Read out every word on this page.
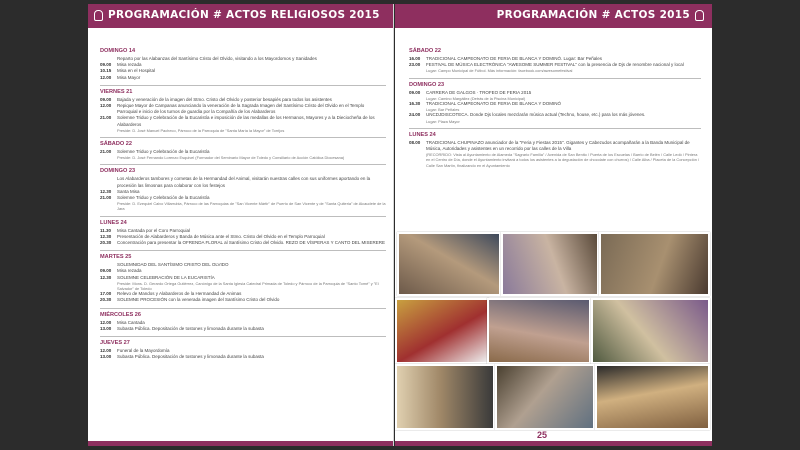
PROGRAMACIÓN # ACTOS RELIGIOSOS 2015
DOMINGO 14
Reparto por las Alabanzas del Santísimo Cristo del Olvido, visitando a los Mayordomos y Sanidades
09.00	Misa rezada
10.15	Misa en el Hospital
12.00	Misa Mayor
VIERNES 21
09.00	Bajada y veneración de la imagen del Stmo. Cristo del Olvido y posterior besapiés para todos los asistentes
12.00	Repique Mayor de Campanas anunciando la veneración de la Sagrada Imagen del Santísimo Cristo del Olvido en el Templo Parroquial e inicio de los turnos de guardia por la Compañía de los Alabarderos
21.00	Solemne Triduo y Celebración de la Eucaristía e imposición de las medallas de los Hermanos, Mayores y a la Dieciocheña de los Alabarderos
Preside: D. José Manuel Pacheco, Párroco de la Parroquia de "Santa María la Mayor" de Torrijos
SÁBADO 22
21.00	Solemne Triduo y Celebración de la Eucaristía
Preside: D. José Fernando Lorenzo Esquivel (Formador del Seminario Mayor de Toledo y Consiliario de Acción Católica Diocesana)
DOMINGO 23
Los Alabarderos tambores y cornetas de la Hermandad del Animal, visitarán nuestras calles con sus uniformes aportando en la procesión las limosnas para colaborar con los festejos
12.30	Santa Misa
21.00	Solemne Triduo y Celebración de la Eucaristía
Preside: D. Ezequiel Calvo Villarrubia, Párroco de las Parroquias de "San Vicente Mártir" de Puerto de San Vicente y de "Santa Quiteria" de Alcaudete de la Jara
LUNES 24
11.30	Misa Cantada por el Coro Parroquial
12.30	Presentación de Alabarderos y Banda de Música ante el Stmo. Cristo del Olvido en el Templo Parroquial
20.30	Concentración para presentar la OFRENDA FLORAL al Santísimo Cristo del Olvido. REZO DE VÍSPERAS Y CANTO DEL MISERERE
MARTES 25
SOLEMNIDAD DEL SANTÍSIMO CRISTO DEL OLVIDO
09.00	Misa rezada
12.30	SOLEMNE CELEBRACIÓN DE LA EUCARISTÍA
Preside: Mons. D. Gerardo Ortega Gutiérrez, Canónigo de la Santa Iglesia Catedral Primada de Toledo y Párroco de la Parroquia de "Santo Tomé" y "El Salvador" de Toledo
17.00	Relevo de Mandos y Alabarderos de la Hermandad de Animas
20.30	SOLEMNE PROCESIÓN con la venerada imagen del Santísimo Cristo del Olvido
MIÉRCOLES 26
12.00	Misa Cantada
13.00	Subasta Pública. Depositación de tostones y limonada durante la subasta
JUEVES 27
12.00	Funeral de la Mayordomía
13.00	Subasta Pública. Depositación de tostones y limonada durante la subasta
PROGRAMACIÓN # ACTOS 2015
SÁBADO 22
16.00	TRADICIONAL CAMPEONATO DE FERIA DE BLANCA Y DOMINÓ. Lugar: Bar Peñales
23.00	FESTIVAL DE MÚSICA ELECTRÓNICA "AWESOME SUMMER FESTIVAL" con la presencia de Djs de renombre nacional y local
Lugar: Campo Municipal de Fútbol. Más información: facebook.com/awesomefestival
DOMINGO 23
09.00	CARRERA DE GALGOS · TROFEO DE FERIA 2015
Lugar: Camino Margállez (Detrás de la Piscina Municipal)
16.30	TRADICIONAL CAMPEONATO DE FERIA DE BLANCA Y DOMINÓ
Lugar: Bar Peñales
24.00	UNCDJDISCOTECA. Donde Djs locales mezclarán música actual (Techno, house, etc.) para los más jóvenes.
Lugar: Plaza Mayor
LUNES 24
08.00	TRADICIONAL CHUPINAZO anunciador de la "Feria y Fiestas 2015". Gigantes y Cabezudos acompañarán a la Banda Municipal de Música, Autoridades y asistentes en un recorrido por las calles de la Villa
(RECORRIDO: Vista al Ayuntamiento de Alameda "Sagrario Familia" / Avenida de San Benito / Puerta de los Escuelas / Barrio de Belén / Calle Ledó / Pintera en el Centro de Día, donde el Ayuntamiento invitará a todos los asistentes a la degustación de chocolate con churros) / Calle Alba / Placeta de la Concepción / Calle San Martín, finalizando en el Ayuntamiento
25
